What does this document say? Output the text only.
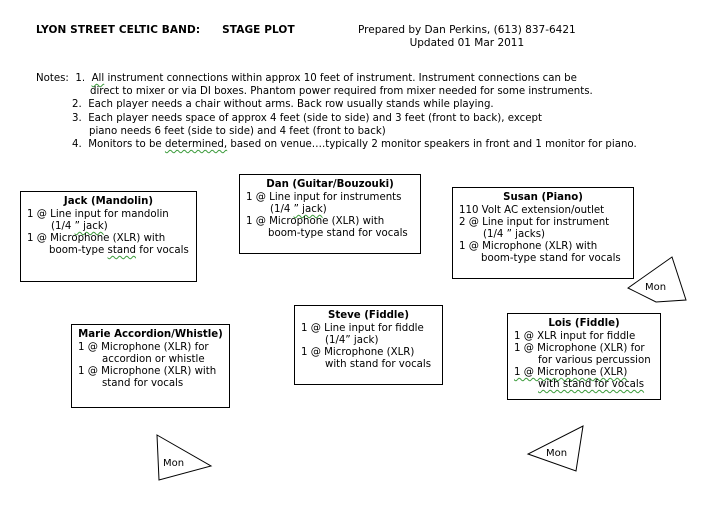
LYON STREET CELTIC BAND: STAGE PLOT	Prepared by Dan Perkins, (613) 837-6421
Updated 01 Mar 2011
Notes: 1. All instrument connections within approx 10 feet of instrument. Instrument connections can be
direct to mixer or via DI boxes. Phantom power required from mixer needed for some instruments.
2. Each player needs a chair without arms. Back row usually stands while playing.
3. Each player needs space of approx 4 feet (side to side) and 3 feet (front to back), except
piano needs 6 feet (side to side) and 4 feet (front to back)
4. Monitors to be determined, based on venue….typically 2 monitor speakers in front and 1 monitor for piano.
Jack (Mandolin)
1 @ Line input for mandolin
(1/4 ” jack)
1 @ Microphone (XLR) with
boom-type stand for vocals
Dan (Guitar/Bouzouki)
1 @ Line input for instruments
(1/4 ” jack)
1 @ Microphone (XLR) with
boom-type stand for vocals
Susan (Piano)
110 Volt AC extension/outlet
2 @ Line input for instrument
(1/4 ” jacks)
1 @ Microphone (XLR) with
boom-type stand for vocals
Marie Accordion/Whistle)
1 @ Microphone (XLR) for
accordion or whistle
1 @ Microphone (XLR) with
stand for vocals
Steve (Fiddle)
1 @ Line input for fiddle
(1/4” jack)
1 @ Microphone (XLR)
with stand for vocals
Lois (Fiddle)
1 @ XLR input for fiddle
1 @ Microphone (XLR) for
for various percussion
1 @ Microphone (XLR)
with stand for vocals
Mon
Mon
Mon
